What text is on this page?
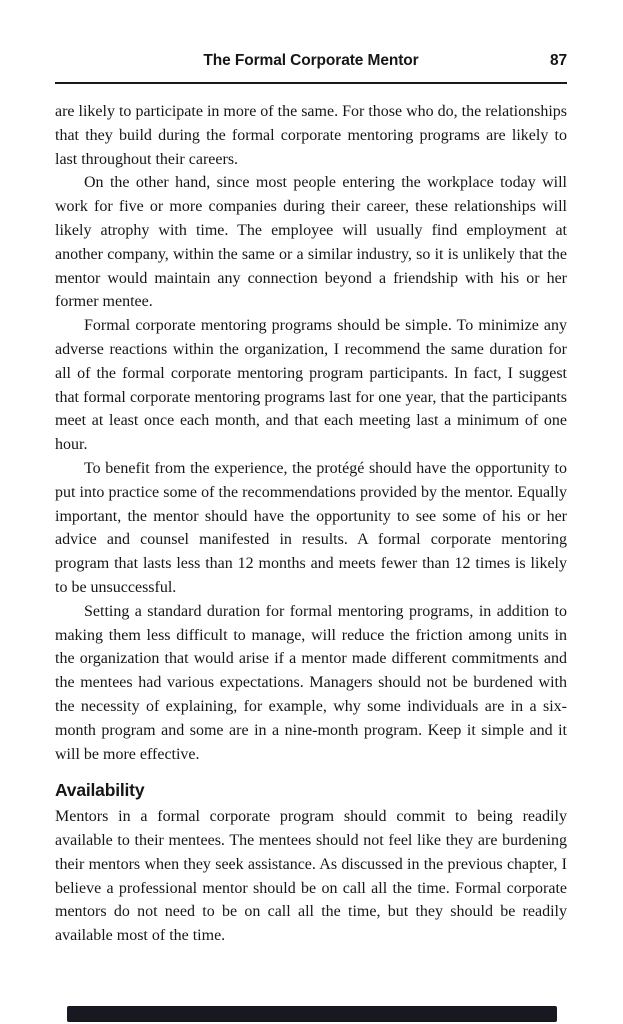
The Formal Corporate Mentor	87

are likely to participate in more of the same. For those who do, the relationships that they build during the formal corporate mentoring programs are likely to last throughout their careers.

On the other hand, since most people entering the workplace today will work for five or more companies during their career, these relationships will likely atrophy with time. The employee will usually find employment at another company, within the same or a similar industry, so it is unlikely that the mentor would maintain any connection beyond a friendship with his or her former mentee.

Formal corporate mentoring programs should be simple. To minimize any adverse reactions within the organization, I recommend the same duration for all of the formal corporate mentoring program participants. In fact, I suggest that formal corporate mentoring programs last for one year, that the participants meet at least once each month, and that each meeting last a minimum of one hour.

To benefit from the experience, the protégé should have the opportunity to put into practice some of the recommendations provided by the mentor. Equally important, the mentor should have the opportunity to see some of his or her advice and counsel manifested in results. A formal corporate mentoring program that lasts less than 12 months and meets fewer than 12 times is likely to be unsuccessful.

Setting a standard duration for formal mentoring programs, in addition to making them less difficult to manage, will reduce the friction among units in the organization that would arise if a mentor made different commitments and the mentees had various expectations. Managers should not be burdened with the necessity of explaining, for example, why some individuals are in a six-month program and some are in a nine-month program. Keep it simple and it will be more effective.

Availability

Mentors in a formal corporate program should commit to being readily available to their mentees. The mentees should not feel like they are burdening their mentors when they seek assistance. As discussed in the previous chapter, I believe a professional mentor should be on call all the time. Formal corporate mentors do not need to be on call all the time, but they should be readily available most of the time.
